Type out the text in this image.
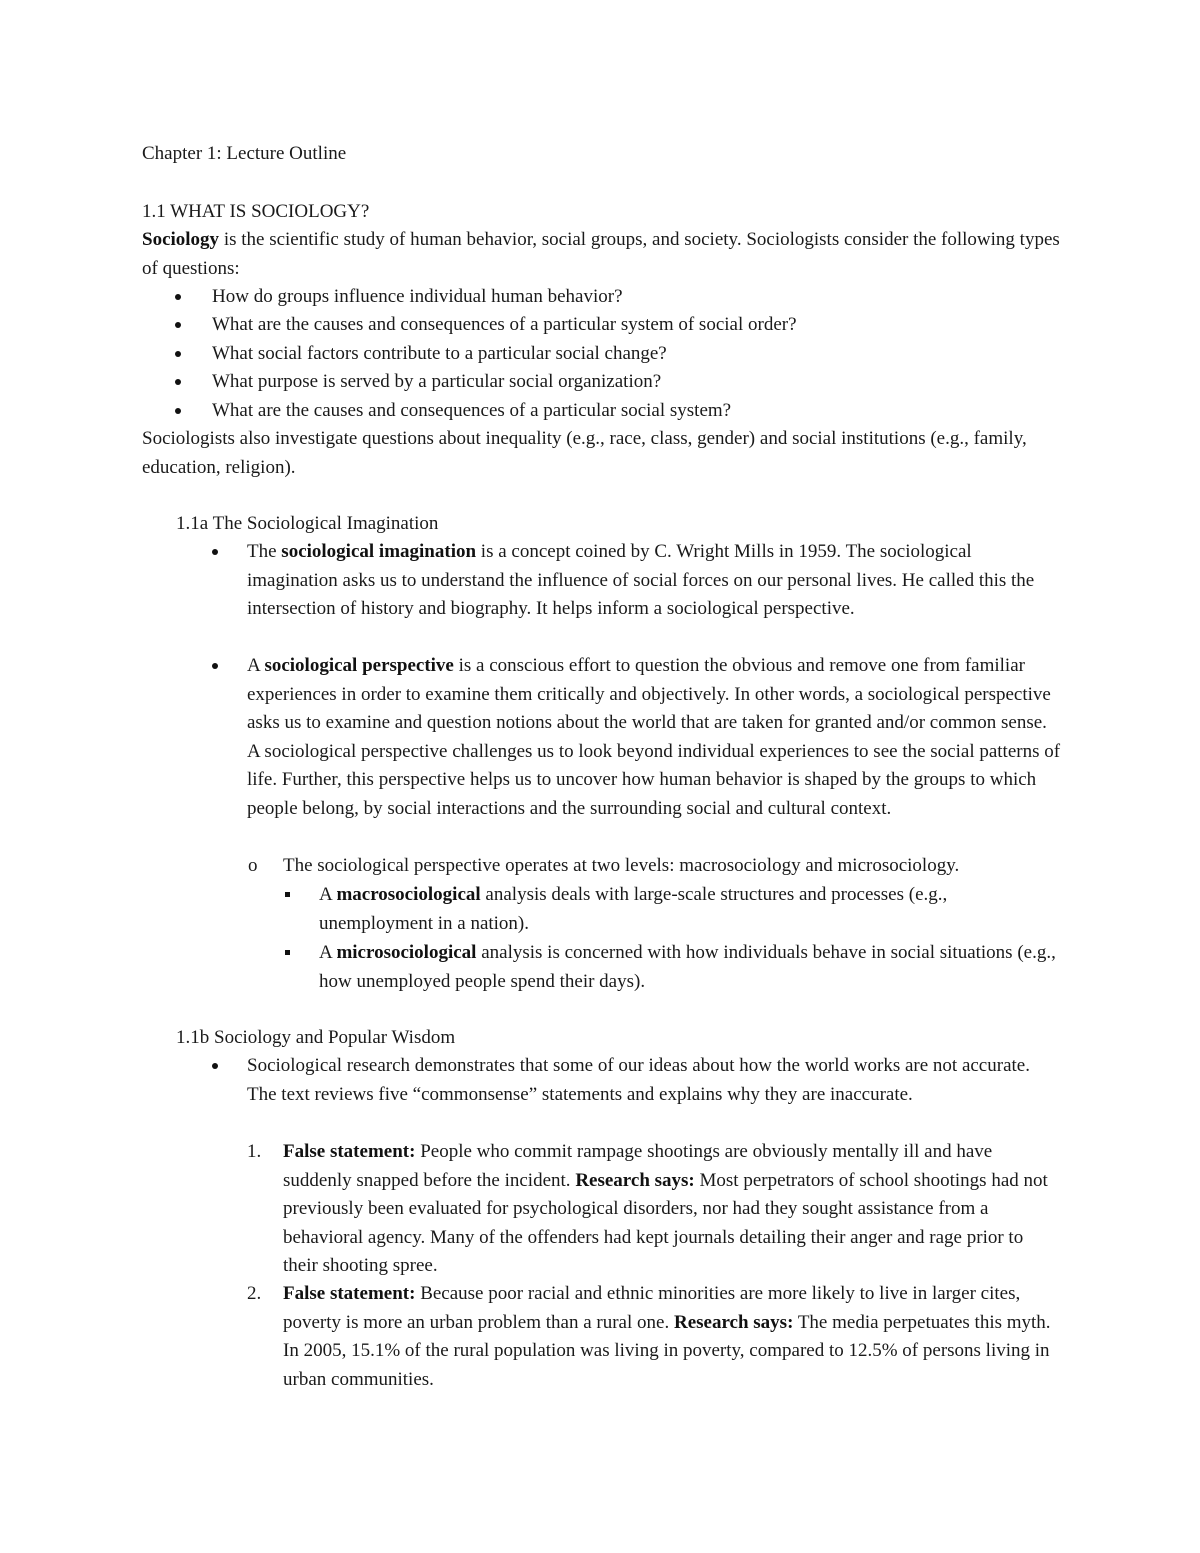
Chapter 1: Lecture Outline
1.1 WHAT IS SOCIOLOGY?

Sociology is the scientific study of human behavior, social groups, and society. Sociologists consider the following types of questions:

How do groups influence individual human behavior?
What are the causes and consequences of a particular system of social order?
What social factors contribute to a particular social change?
What purpose is served by a particular social organization?
What are the causes and consequences of a particular social system?

Sociologists also investigate questions about inequality (e.g., race, class, gender) and social institutions (e.g., family, education, religion).

1.1a The Sociological Imagination

The sociological imagination is a concept coined by C. Wright Mills in 1959. The sociological imagination asks us to understand the influence of social forces on our personal lives. He called this the intersection of history and biography. It helps inform a sociological perspective.

A sociological perspective is a conscious effort to question the obvious and remove one from familiar experiences in order to examine them critically and objectively. In other words, a sociological perspective asks us to examine and question notions about the world that are taken for granted and/or common sense. A sociological perspective challenges us to look beyond individual experiences to see the social patterns of life. Further, this perspective helps us to uncover how human behavior is shaped by the groups to which people belong, by social interactions and the surrounding social and cultural context.

o The sociological perspective operates at two levels: macrosociology and microsociology.

A macrosociological analysis deals with large-scale structures and processes (e.g., unemployment in a nation).

A microsociological analysis is concerned with how individuals behave in social situations (e.g., how unemployed people spend their days).

1.1b Sociology and Popular Wisdom

Sociological research demonstrates that some of our ideas about how the world works are not accurate. The text reviews five “commonsense” statements and explains why they are inaccurate.

1. False statement: People who commit rampage shootings are obviously mentally ill and have suddenly snapped before the incident. Research says: Most perpetrators of school shootings had not previously been evaluated for psychological disorders, nor had they sought assistance from a behavioral agency. Many of the offenders had kept journals detailing their anger and rage prior to their shooting spree.

2. False statement: Because poor racial and ethnic minorities are more likely to live in larger cites, poverty is more an urban problem than a rural one. Research says: The media perpetuates this myth. In 2005, 15.1% of the rural population was living in poverty, compared to 12.5% of persons living in urban communities.
